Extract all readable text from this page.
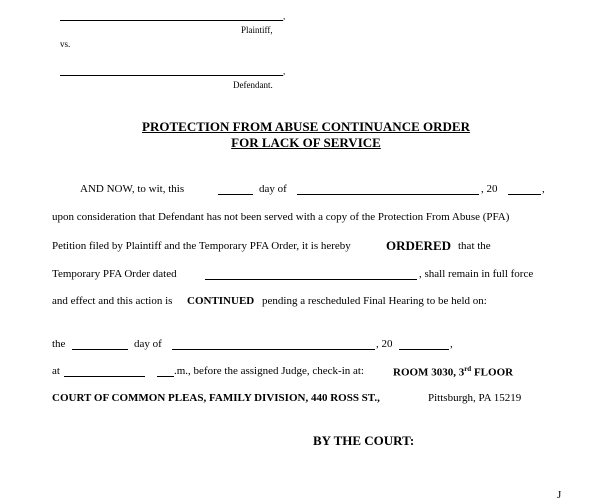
,
Plaintiff,
vs.
,
Defendant.
PROTECTION FROM ABUSE CONTINUANCE ORDER
FOR LACK OF SERVICE
AND NOW, to wit, this	day of	, 20	,
upon consideration that Defendant has not been served with a copy of the Protection From Abuse (PFA)
Petition filed by Plaintiff and the Temporary PFA Order, it is hereby	ORDERED that the
Temporary PFA Order dated	, shall remain in full force
and effect and this action is CONTINUED pending a rescheduled Final Hearing to be held on:
the	day of	, 20	,
at	.m., before the assigned Judge, check-in at:	ROOM 3030, 3rd FLOOR
COURT OF COMMON PLEAS, FAMILY DIVISION, 440 ROSS ST.,	Pittsburgh, PA 15219
BY THE COURT:
J
